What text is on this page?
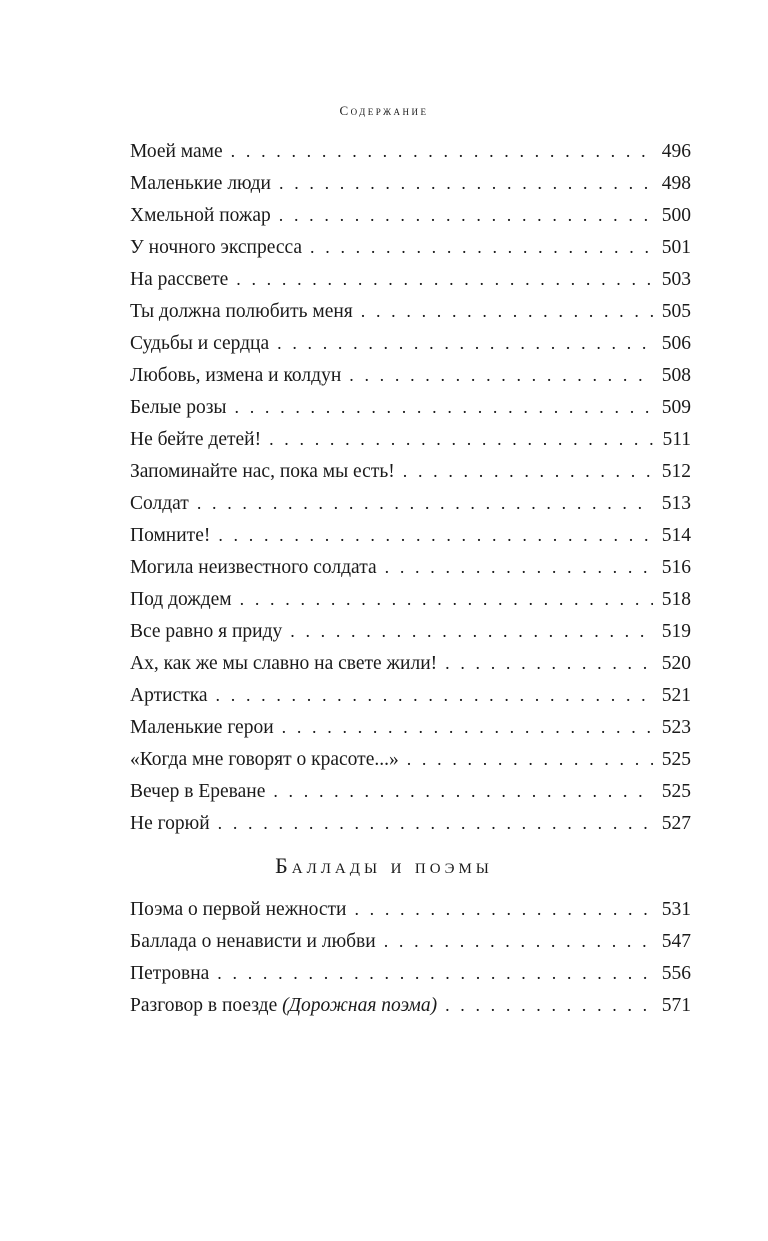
Содержание
Моей маме . . .	496
Маленькие люди . . .	498
Хмельной пожар . . .	500
У ночного экспресса . . .	501
На рассвете . . .	503
Ты должна полюбить меня . . .	505
Судьбы и сердца . . .	506
Любовь, измена и колдун . . .	508
Белые розы . . .	509
Не бейте детей! . . .	511
Запоминайте нас, пока мы есть! . . .	512
Солдат . . .	513
Помните! . . .	514
Могила неизвестного солдата . . .	516
Под дождем . . .	518
Все равно я приду . . .	519
Ах, как же мы славно на свете жили! . . .	520
Артистка . . .	521
Маленькие герои . . .	523
«Когда мне говорят о красоте...» . . .	525
Вечер в Ереване . . .	525
Не горюй . . .	527
Баллады и поэмы
Поэма о первой нежности . . .	531
Баллада о ненависти и любви . . .	547
Петровна . . .	556
Разговор в поезде (Дорожная поэма) . . .	571
